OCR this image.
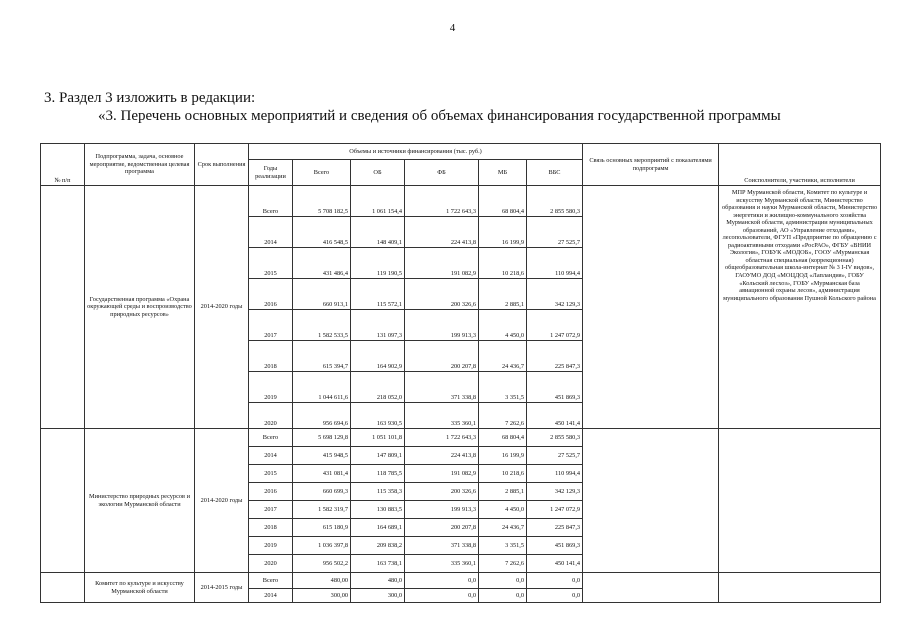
4
3. Раздел 3 изложить в редакции:
«3. Перечень основных мероприятий и сведения об объемах финансирования государственной программы
№ п/п	Подпрограмма, задача, основное мероприятие, ведомственная целевая программа	Срок выполнения	Объемы и источники финансирования (тыс. руб.)						Связь основных мероприятий с показателями подпрограмм	Соисполнители, участники, исполнители
			Годы реализации	Всего	ОБ	ФБ	МБ	ВБС		
	Государственная программа «Охрана окружающей среды и воспроизводство природных ресурсов»	2014-2020 годы	Всего	5 708 182,5	1 061 154,4	1 722 643,3	68 804,4	2 855 580,3		МПР Мурманской области, Комитет по культуре и искусству Мурманской области, Министерство образования и науки Мурманской области, Министерство энергетики и жилищно-коммунального хозяйства Мурманской области, администрации муниципальных образований, АО «Управление отходами», лесопользователи, ФГУП «Предприятие по обращению с радиоактивными отходами «РосРАО», ФГБУ «ВНИИ Экология», ГОБУК «МОДОБ», ГООУ «Мурманская областная специальная (коррекционная) общеобразовательная школа-интернат № 3 I-IV видов», ГАОУМО ДОД «МОЦДОД «Лапландия», ГОБУ «Кольский лесхоз», ГОБУ «Мурманская база авиационной охраны лесов», администрация муниципального образования Пушной Кольского района
			2014	416 548,5	148 409,1	224 413,8	16 199,9	27 525,7		
			2015	431 486,4	119 190,5	191 082,9	10 218,6	110 994,4		
			2016	660 913,1	115 572,1	200 326,6	2 885,1	342 129,3		
			2017	1 582 533,5	131 097,3	199 913,3	4 450,0	1 247 072,9		
			2018	615 394,7	164 902,9	200 207,8	24 436,7	225 847,3		
			2019	1 044 611,6	218 052,0	371 338,8	3 351,5	451 869,3		
			2020	956 694,6	163 930,5	335 360,1	7 262,6	450 141,4		
	Министерство природных ресурсов и экологии Мурманской области	2014-2020 годы	Всего	5 698 129,8	1 051 101,8	1 722 643,3	68 804,4	2 855 580,3		
			2014	415 948,5	147 809,1	224 413,8	16 199,9	27 525,7		
			2015	431 081,4	118 785,5	191 082,9	10 218,6	110 994,4		
			2016	660 699,3	115 358,3	200 326,6	2 885,1	342 129,3		
			2017	1 582 319,7	130 883,5	199 913,3	4 450,0	1 247 072,9		
			2018	615 180,9	164 689,1	200 207,8	24 436,7	225 847,3		
			2019	1 036 397,8	209 838,2	371 338,8	3 351,5	451 869,3		
			2020	956 502,2	163 738,1	335 360,1	7 262,6	450 141,4		
	Комитет по культуре и искусству Мурманской области	2014-2015 годы	Всего	480,00	480,0	0,0	0,0	0,0		
			2014	300,00	300,0	0,0	0,0	0,0		
